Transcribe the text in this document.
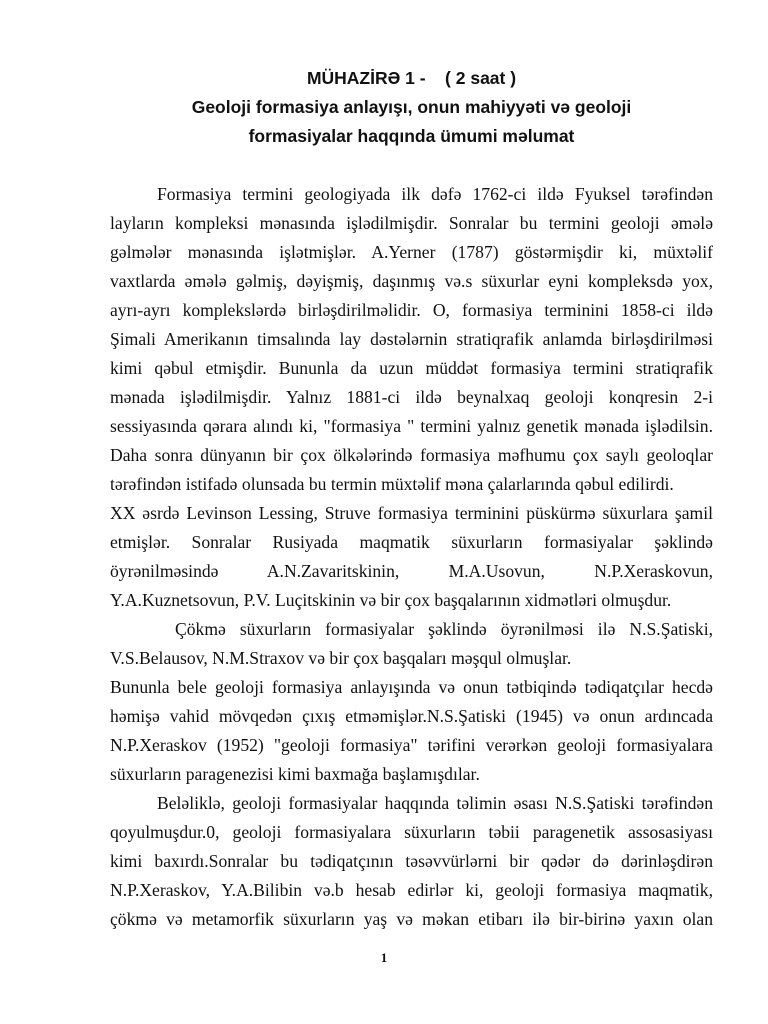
MÜHAZİRƏ 1 -    ( 2 saat )
Geoloji formasiya anlayışı, onun mahiyyəti və geoloji
formasiyalar haqqında ümumi məlumat
Formasiya termini geologiyada ilk dəfə 1762-ci ildə Fyuksel tərəfindən
layların kompleksi mənasında işlədilmişdir. Sonralar bu termini geoloji əmələ
gəlmələr mənasında işlətmişlər. A.Yerner (1787) göstərmişdir ki, müxtəlif
vaxtlarda əmələ gəlmiş, dəyişmiş, daşınmış və.s süxurlar eyni kompleksdə yox,
ayrı-ayrı komplekslərdə birləşdirilməlidir. O, formasiya terminini 1858-ci ildə
Şimali Amerikanın timsalında lay dəstələrnin stratiqrafik anlamda birləşdirilməsi
kimi qəbul etmişdir. Bununla da uzun müddət formasiya termini stratiqrafik
mənada işlədilmişdir. Yalnız 1881-ci ildə beynalxaq geoloji konqresin 2-i
sessiyasında qərara alındı ki, "formasiya " termini yalnız genetik mənada işlədilsin.
Daha sonra dünyanın bir çox ölkələrində formasiya məfhumu çox saylı geoloqlar
tərəfindən istifadə olunsada bu termin müxtəlif məna çalarlarında qəbul edilirdi.
XX əsrdə Levinson Lessing, Struve formasiya terminini püskürmə süxurlara şamil
etmişlər. Sonralar Rusiyada maqmatik süxurların formasiyalar şəklində
öyrənilməsində A.N.Zavaritskinin, M.A.Usovun, N.P.Xeraskovun,
Y.A.Kuznetsovun, P.V. Luçitskinin və bir çox başqalarının xidmətləri olmuşdur.
Çökmə süxurların formasiyalar şəklində öyrənilməsi ilə N.S.Şatiski,
V.S.Belausov, N.M.Straxov və bir çox başqaları məşqul olmuşlar.
Bununla bele geoloji formasiya anlayışında və onun tətbiqində tədiqatçılar hecdə
həmişə vahid mövqedən çıxış etməmişlər.N.S.Şatiski (1945) və onun ardıncada
N.P.Xeraskov (1952) "geoloji formasiya" tərifini verərkən geoloji formasiyalara
süxurların paragenezisi kimi baxmağa başlamışdılar.
Beləliklə, geoloji formasiyalar haqqında təlimin əsası N.S.Şatiski tərəfindən
qoyulmuşdur.0, geoloji formasiyalara süxurların təbii paragenetik assosasiyası
kimi baxırdı.Sonralar bu tədiqatçının təsəvvürlərni bir qədər də dərinləşdirən
N.P.Xeraskov, Y.A.Bilibin və.b hesab edirlər ki, geoloji formasiya maqmatik,
çökmə və metamorfik süxurların yaş və məkan etibarı ilə bir-birinə yaxın olan
1
